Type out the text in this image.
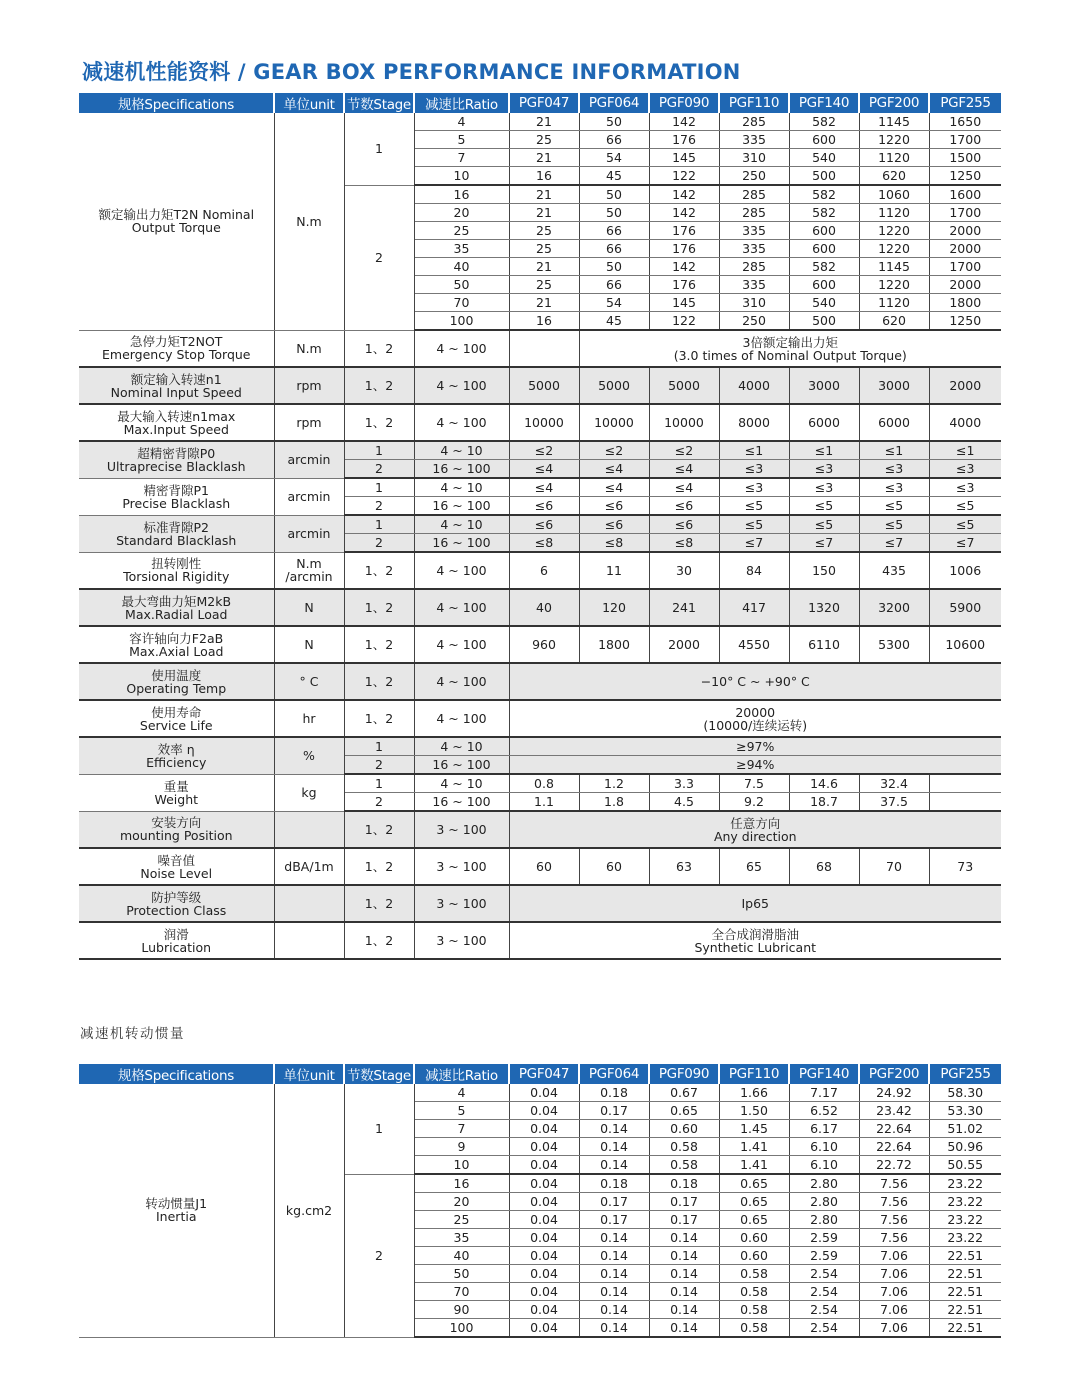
减速机性能资料 / GEAR BOX PERFORMANCE INFORMATION
规格Specifications	单位unit	节数Stage	减速比Ratio	PGF047	PGF064	PGF090	PGF110	PGF140	PGF200	PGF255
额定输出力矩T2N Nominal
Output Torque	N.m	1	4	21	50	142	285	582	1145	1650
			5	25	66	176	335	600	1220	1700
			7	21	54	145	310	540	1120	1500
			10	16	45	122	250	500	620	1250
		2	16	21	50	142	285	582	1060	1600
			20	21	50	142	285	582	1120	1700
			25	25	66	176	335	600	1220	2000
			35	25	66	176	335	600	1220	2000
			40	21	50	142	285	582	1145	1700
			50	25	66	176	335	600	1220	2000
			70	21	54	145	310	540	1120	1800
			100	16	45	122	250	500	620	1250
急停力矩T2NOT
Emergency Stop Torque	N.m	1、2	4 ~ 100		3倍额定输出力矩
(3.0 times of Nominal Output Torque)					
额定输入转速n1
Nominal Input Speed	rpm	1、2	4 ~ 100	5000	5000	5000	4000	3000	3000	2000
最大输入转速n1max
Max.Input Speed	rpm	1、2	4 ~ 100	10000	10000	10000	8000	6000	6000	4000
超精密背隙P0
Ultraprecise Blacklash	arcmin	1	4 ~ 10	≤2	≤2	≤2	≤1	≤1	≤1	≤1
		2	16 ~ 100	≤4	≤4	≤4	≤3	≤3	≤3	≤3
精密背隙P1
Precise Blacklash	arcmin	1	4 ~ 10	≤4	≤4	≤4	≤3	≤3	≤3	≤3
		2	16 ~ 100	≤6	≤6	≤6	≤5	≤5	≤5	≤5
标准背隙P2
Standard Blacklash	arcmin	1	4 ~ 10	≤6	≤6	≤6	≤5	≤5	≤5	≤5
		2	16 ~ 100	≤8	≤8	≤8	≤7	≤7	≤7	≤7
扭转刚性
Torsional Rigidity	N.m
/arcmin	1、2	4 ~ 100	6	11	30	84	150	435	1006
最大弯曲力矩M2kB
Max.Radial Load	N	1、2	4 ~ 100	40	120	241	417	1320	3200	5900
容许轴向力F2aB
Max.Axial Load	N	1、2	4 ~ 100	960	1800	2000	4550	6110	5300	10600
使用温度
Operating Temp	° C	1、2	4 ~ 100	−10° C ~ +90° C						
使用寿命
Service Life	hr	1、2	4 ~ 100	20000
(10000/连续运转)						
效率 η
Efficiency	%	1	4 ~ 10	≥97%						
		2	16 ~ 100	≥94%						
重量
Weight	kg	1	4 ~ 10	0.8	1.2	3.3	7.5	14.6	32.4	
		2	16 ~ 100	1.1	1.8	4.5	9.2	18.7	37.5	
安装方向
mounting Position		1、2	3 ~ 100	任意方向
Any direction						
噪音值
Noise Level	dBA/1m	1、2	3 ~ 100	60	60	63	65	68	70	73
防护等级
Protection Class		1、2	3 ~ 100	Ip65						
润滑
Lubrication		1、2	3 ~ 100	全合成润滑脂油
Synthetic Lubricant						
减速机转动惯量
规格Specifications	单位unit	节数Stage	减速比Ratio	PGF047	PGF064	PGF090	PGF110	PGF140	PGF200	PGF255
转动惯量J1
Inertia	kg.cm2	1	4	0.04	0.18	0.67	1.66	7.17	24.92	58.30
			5	0.04	0.17	0.65	1.50	6.52	23.42	53.30
			7	0.04	0.14	0.60	1.45	6.17	22.64	51.02
			9	0.04	0.14	0.58	1.41	6.10	22.64	50.96
			10	0.04	0.14	0.58	1.41	6.10	22.72	50.55
		2	16	0.04	0.18	0.18	0.65	2.80	7.56	23.22
			20	0.04	0.17	0.17	0.65	2.80	7.56	23.22
			25	0.04	0.17	0.17	0.65	2.80	7.56	23.22
			35	0.04	0.14	0.14	0.60	2.59	7.56	23.22
			40	0.04	0.14	0.14	0.60	2.59	7.06	22.51
			50	0.04	0.14	0.14	0.58	2.54	7.06	22.51
			70	0.04	0.14	0.14	0.58	2.54	7.06	22.51
			90	0.04	0.14	0.14	0.58	2.54	7.06	22.51
			100	0.04	0.14	0.14	0.58	2.54	7.06	22.51
